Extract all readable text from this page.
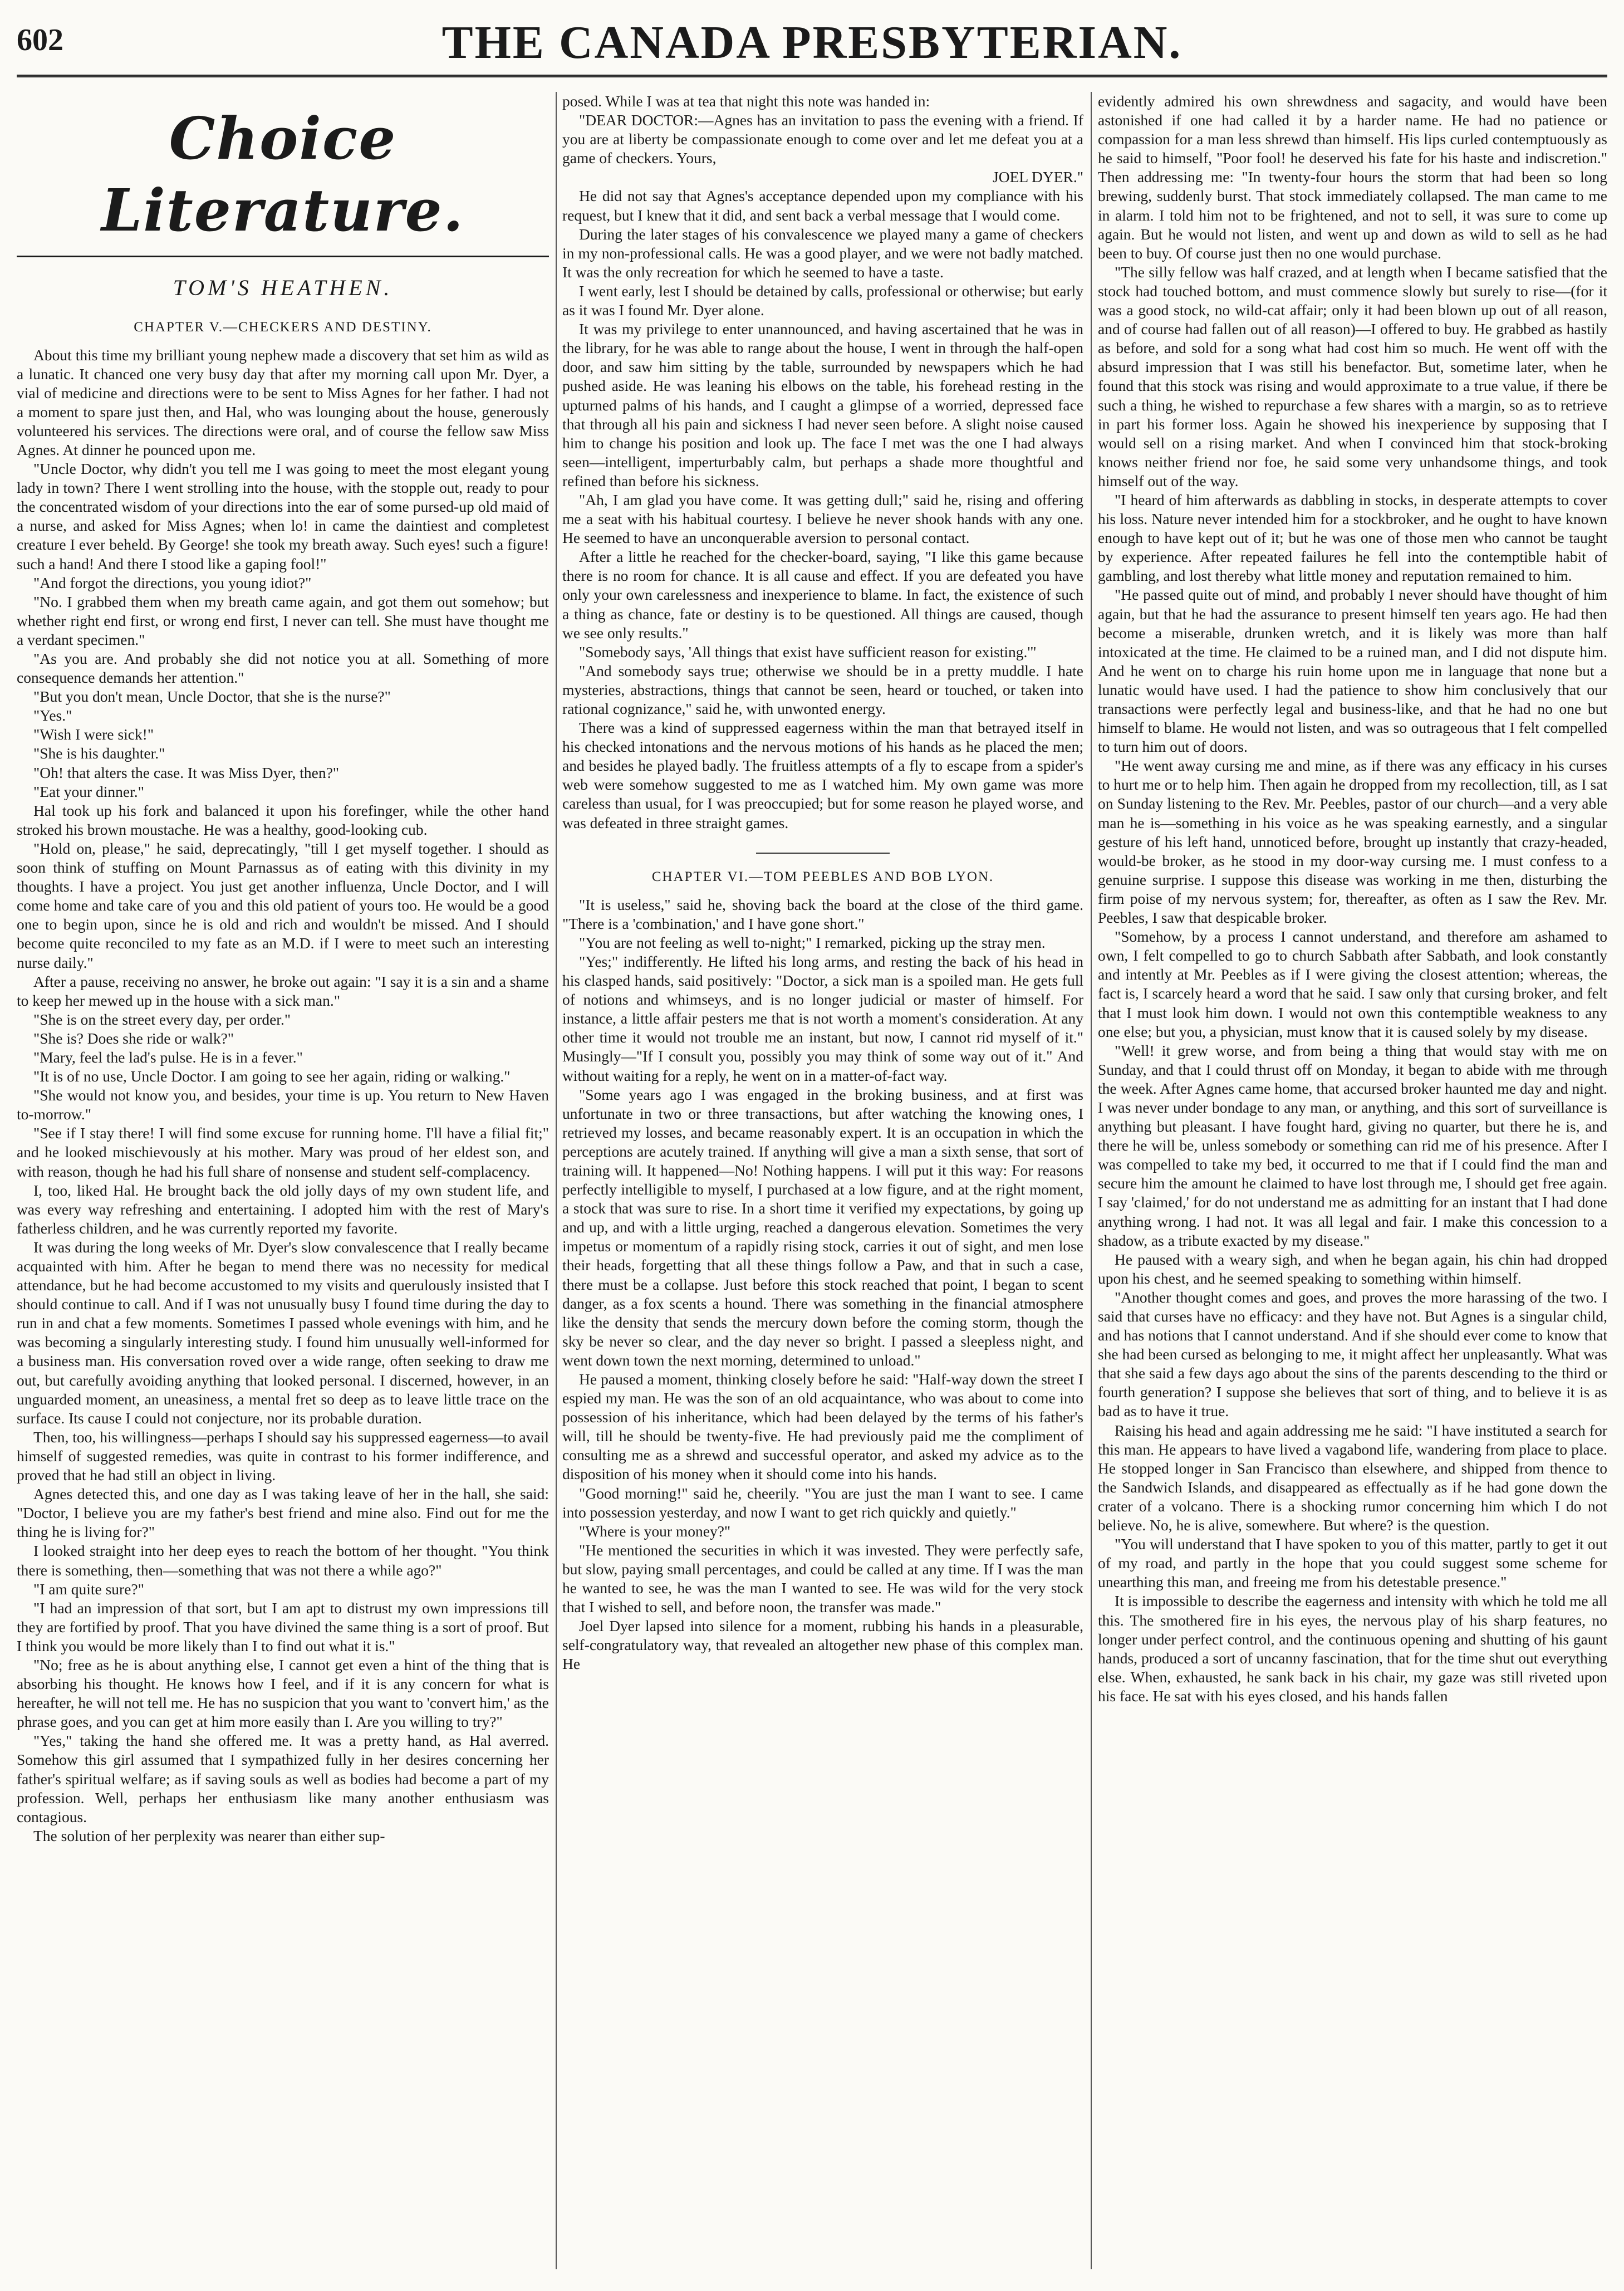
602	THE CANADA PRESBYTERIAN.
Choice Literature.
TOM'S HEATHEN.
CHAPTER V.—CHECKERS AND DESTINY.

About this time my brilliant young nephew made a discovery that set him as wild as a lunatic. It chanced one very busy day that after my morning call upon Mr. Dyer, a vial of medicine and directions were to be sent to Miss Agnes for her father. I had not a moment to spare just then, and Hal, who was lounging about the house, generously volunteered his services. The directions were oral, and of course the fellow saw Miss Agnes. At dinner he pounced upon me.

"Uncle Doctor, why didn't you tell me I was going to meet the most elegant young lady in town? There I went strolling into the house, with the stopple out, ready to pour the concentrated wisdom of your directions into the ear of some pursed-up old maid of a nurse, and asked for Miss Agnes; when lo! in came the daintiest and completest creature I ever beheld. By George! she took my breath away. Such eyes! such a figure! such a hand! And there I stood like a gaping fool!"

"And forgot the directions, you young idiot?"

"No. I grabbed them when my breath came again, and got them out somehow; but whether right end first, or wrong end first, I never can tell. She must have thought me a verdant specimen."

"As you are. And probably she did not notice you at all. Something of more consequence demands her attention."

"But you don't mean, Uncle Doctor, that she is the nurse?"

"Yes."

"Wish I were sick!"

"She is his daughter."

"Oh! that alters the case. It was Miss Dyer, then?"

"Eat your dinner."

Hal took up his fork and balanced it upon his forefinger, while the other hand stroked his brown moustache. He was a healthy, good-looking cub.

"Hold on, please," he said, deprecatingly, "till I get myself together. I should as soon think of stuffing on Mount Parnassus as of eating with this divinity in my thoughts. I have a project. You just get another influenza, Uncle Doctor, and I will come home and take care of you and this old patient of yours too. He would be a good one to begin upon, since he is old and rich and wouldn't be missed. And I should become quite reconciled to my fate as an M.D. if I were to meet such an interesting nurse daily."

After a pause, receiving no answer, he broke out again: "I say it is a sin and a shame to keep her mewed up in the house with a sick man."

"She is on the street every day, per order."

"She is? Does she ride or walk?"

"Mary, feel the lad's pulse. He is in a fever."

"It is of no use, Uncle Doctor. I am going to see her again, riding or walking."

"She would not know you, and besides, your time is up. You return to New Haven to-morrow."

"See if I stay there! I will find some excuse for running home. I'll have a filial fit;" and he looked mischievously at his mother. Mary was proud of her eldest son, and with reason, though he had his full share of nonsense and student self-complacency.

I, too, liked Hal. He brought back the old jolly days of my own student life, and was every way refreshing and entertaining. I adopted him with the rest of Mary's fatherless children, and he was currently reported my favorite.

It was during the long weeks of Mr. Dyer's slow convalescence that I really became acquainted with him. After he began to mend there was no necessity for medical attendance, but he had become accustomed to my visits and querulously insisted that I should continue to call. And if I was not unusually busy I found time during the day to run in and chat a few moments. Sometimes I passed whole evenings with him, and he was becoming a singularly interesting study. I found him unusually well-informed for a business man. His conversation roved over a wide range, often seeking to draw me out, but carefully avoiding anything that looked personal. I discerned, however, in an unguarded moment, an uneasiness, a mental fret so deep as to leave little trace on the surface. Its cause I could not conjecture, nor its probable duration.

Then, too, his willingness—perhaps I should say his suppressed eagerness—to avail himself of suggested remedies, was quite in contrast to his former indifference, and proved that he had still an object in living.

Agnes detected this, and one day as I was taking leave of her in the hall, she said: "Doctor, I believe you are my father's best friend and mine also. Find out for me the thing he is living for?"

I looked straight into her deep eyes to reach the bottom of her thought. "You think there is something, then—something that was not there a while ago?"

"I am quite sure?"

"I had an impression of that sort, but I am apt to distrust my own impressions till they are fortified by proof. That you have divined the same thing is a sort of proof. But I think you would be more likely than I to find out what it is."

"No; free as he is about anything else, I cannot get even a hint of the thing that is absorbing his thought. He knows how I feel, and if it is any concern for what is hereafter, he will not tell me. He has no suspicion that you want to 'convert him,' as the phrase goes, and you can get at him more easily than I. Are you willing to try?"

"Yes," taking the hand she offered me. It was a pretty hand, as Hal averred. Somehow this girl assumed that I sympathized fully in her desires concerning her father's spiritual welfare; as if saving souls as well as bodies had become a part of my profession. Well, perhaps her enthusiasm like many another enthusiasm was contagious.

The solution of her perplexity was nearer than either sup-

posed. While I was at tea that night this note was handed in:

"DEAR DOCTOR:—Agnes has an invitation to pass the evening with a friend. If you are at liberty be compassionate enough to come over and let me defeat you at a game of checkers. Yours,

JOEL DYER."

He did not say that Agnes's acceptance depended upon my compliance with his request, but I knew that it did, and sent back a verbal message that I would come.

During the later stages of his convalescence we played many a game of checkers in my non-professional calls. He was a good player, and we were not badly matched. It was the only recreation for which he seemed to have a taste.

I went early, lest I should be detained by calls, professional or otherwise; but early as it was I found Mr. Dyer alone.

It was my privilege to enter unannounced, and having ascertained that he was in the library, for he was able to range about the house, I went in through the half-open door, and saw him sitting by the table, surrounded by newspapers which he had pushed aside. He was leaning his elbows on the table, his forehead resting in the upturned palms of his hands, and I caught a glimpse of a worried, depressed face that through all his pain and sickness I had never seen before. A slight noise caused him to change his position and look up. The face I met was the one I had always seen—intelligent, imperturbably calm, but perhaps a shade more thoughtful and refined than before his sickness.

"Ah, I am glad you have come. It was getting dull;" said he, rising and offering me a seat with his habitual courtesy. I believe he never shook hands with any one. He seemed to have an unconquerable aversion to personal contact.

After a little he reached for the checker-board, saying, "I like this game because there is no room for chance. It is all cause and effect. If you are defeated you have only your own carelessness and inexperience to blame. In fact, the existence of such a thing as chance, fate or destiny is to be questioned. All things are caused, though we see only results."

"Somebody says, 'All things that exist have sufficient reason for existing.'"

"And somebody says true; otherwise we should be in a pretty muddle. I hate mysteries, abstractions, things that cannot be seen, heard or touched, or taken into rational cognizance," said he, with unwonted energy.

There was a kind of suppressed eagerness within the man that betrayed itself in his checked intonations and the nervous motions of his hands as he placed the men; and besides he played badly. The fruitless attempts of a fly to escape from a spider's web were somehow suggested to me as I watched him. My own game was more careless than usual, for I was preoccupied; but for some reason he played worse, and was defeated in three straight games.

CHAPTER VI.—TOM PEEBLES AND BOB LYON.

"It is useless," said he, shoving back the board at the close of the third game. "There is a 'combination,' and I have gone short."

"You are not feeling as well to-night;" I remarked, picking up the stray men.

"Yes;" indifferently. He lifted his long arms, and resting the back of his head in his clasped hands, said positively: "Doctor, a sick man is a spoiled man. He gets full of notions and whimseys, and is no longer judicial or master of himself. For instance, a little affair pesters me that is not worth a moment's consideration. At any other time it would not trouble me an instant, but now, I cannot rid myself of it." Musingly—"If I consult you, possibly you may think of some way out of it." And without waiting for a reply, he went on in a matter-of-fact way.

"Some years ago I was engaged in the broking business, and at first was unfortunate in two or three transactions, but after watching the knowing ones, I retrieved my losses, and became reasonably expert. It is an occupation in which the perceptions are acutely trained. If anything will give a man a sixth sense, that sort of training will. It happened—No! Nothing happens. I will put it this way: For reasons perfectly intelligible to myself, I purchased at a low figure, and at the right moment, a stock that was sure to rise. In a short time it verified my expectations, by going up and up, and with a little urging, reached a dangerous elevation. Sometimes the very impetus or momentum of a rapidly rising stock, carries it out of sight, and men lose their heads, forgetting that all these things follow a Paw, and that in such a case, there must be a collapse. Just before this stock reached that point, I began to scent danger, as a fox scents a hound. There was something in the financial atmosphere like the density that sends the mercury down before the coming storm, though the sky be never so clear, and the day never so bright. I passed a sleepless night, and went down town the next morning, determined to unload."

He paused a moment, thinking closely before he said: "Half-way down the street I espied my man. He was the son of an old acquaintance, who was about to come into possession of his inheritance, which had been delayed by the terms of his father's will, till he should be twenty-five. He had previously paid me the compliment of consulting me as a shrewd and successful operator, and asked my advice as to the disposition of his money when it should come into his hands.

"Good morning!" said he, cheerily. "You are just the man I want to see. I came into possession yesterday, and now I want to get rich quickly and quietly."

"Where is your money?"

"He mentioned the securities in which it was invested. They were perfectly safe, but slow, paying small percentages, and could be called at any time. If I was the man he wanted to see, he was the man I wanted to see. He was wild for the very stock that I wished to sell, and before noon, the transfer was made."

Joel Dyer lapsed into silence for a moment, rubbing his hands in a pleasurable, self-congratulatory way, that revealed an altogether new phase of this complex man. He

evidently admired his own shrewdness and sagacity, and would have been astonished if one had called it by a harder name. He had no patience or compassion for a man less shrewd than himself. His lips curled contemptuously as he said to himself, "Poor fool! he deserved his fate for his haste and indiscretion." Then addressing me: "In twenty-four hours the storm that had been so long brewing, suddenly burst. That stock immediately collapsed. The man came to me in alarm. I told him not to be frightened, and not to sell, it was sure to come up again. But he would not listen, and went up and down as wild to sell as he had been to buy. Of course just then no one would purchase.

"The silly fellow was half crazed, and at length when I became satisfied that the stock had touched bottom, and must commence slowly but surely to rise—(for it was a good stock, no wild-cat affair; only it had been blown up out of all reason, and of course had fallen out of all reason)—I offered to buy. He grabbed as hastily as before, and sold for a song what had cost him so much. He went off with the absurd impression that I was still his benefactor. But, sometime later, when he found that this stock was rising and would approximate to a true value, if there be such a thing, he wished to repurchase a few shares with a margin, so as to retrieve in part his former loss. Again he showed his inexperience by supposing that I would sell on a rising market. And when I convinced him that stock-broking knows neither friend nor foe, he said some very unhandsome things, and took himself out of the way.

"I heard of him afterwards as dabbling in stocks, in desperate attempts to cover his loss. Nature never intended him for a stockbroker, and he ought to have known enough to have kept out of it; but he was one of those men who cannot be taught by experience. After repeated failures he fell into the contemptible habit of gambling, and lost thereby what little money and reputation remained to him.

"He passed quite out of mind, and probably I never should have thought of him again, but that he had the assurance to present himself ten years ago. He had then become a miserable, drunken wretch, and it is likely was more than half intoxicated at the time. He claimed to be a ruined man, and I did not dispute him. And he went on to charge his ruin home upon me in language that none but a lunatic would have used. I had the patience to show him conclusively that our transactions were perfectly legal and business-like, and that he had no one but himself to blame. He would not listen, and was so outrageous that I felt compelled to turn him out of doors.

"He went away cursing me and mine, as if there was any efficacy in his curses to hurt me or to help him. Then again he dropped from my recollection, till, as I sat on Sunday listening to the Rev. Mr. Peebles, pastor of our church—and a very able man he is—something in his voice as he was speaking earnestly, and a singular gesture of his left hand, unnoticed before, brought up instantly that crazy-headed, would-be broker, as he stood in my door-way cursing me. I must confess to a genuine surprise. I suppose this disease was working in me then, disturbing the firm poise of my nervous system; for, thereafter, as often as I saw the Rev. Mr. Peebles, I saw that despicable broker.

"Somehow, by a process I cannot understand, and therefore am ashamed to own, I felt compelled to go to church Sabbath after Sabbath, and look constantly and intently at Mr. Peebles as if I were giving the closest attention; whereas, the fact is, I scarcely heard a word that he said. I saw only that cursing broker, and felt that I must look him down. I would not own this contemptible weakness to any one else; but you, a physician, must know that it is caused solely by my disease.

"Well! it grew worse, and from being a thing that would stay with me on Sunday, and that I could thrust off on Monday, it began to abide with me through the week. After Agnes came home, that accursed broker haunted me day and night. I was never under bondage to any man, or anything, and this sort of surveillance is anything but pleasant. I have fought hard, giving no quarter, but there he is, and there he will be, unless somebody or something can rid me of his presence. After I was compelled to take my bed, it occurred to me that if I could find the man and secure him the amount he claimed to have lost through me, I should get free again. I say 'claimed,' for do not understand me as admitting for an instant that I had done anything wrong. I had not. It was all legal and fair. I make this concession to a shadow, as a tribute exacted by my disease."

He paused with a weary sigh, and when he began again, his chin had dropped upon his chest, and he seemed speaking to something within himself.

"Another thought comes and goes, and proves the more harassing of the two. I said that curses have no efficacy: and they have not. But Agnes is a singular child, and has notions that I cannot understand. And if she should ever come to know that she had been cursed as belonging to me, it might affect her unpleasantly. What was that she said a few days ago about the sins of the parents descending to the third or fourth generation? I suppose she believes that sort of thing, and to believe it is as bad as to have it true.

Raising his head and again addressing me he said: "I have instituted a search for this man. He appears to have lived a vagabond life, wandering from place to place. He stopped longer in San Francisco than elsewhere, and shipped from thence to the Sandwich Islands, and disappeared as effectually as if he had gone down the crater of a volcano. There is a shocking rumor concerning him which I do not believe. No, he is alive, somewhere. But where? is the question.

"You will understand that I have spoken to you of this matter, partly to get it out of my road, and partly in the hope that you could suggest some scheme for unearthing this man, and freeing me from his detestable presence."

It is impossible to describe the eagerness and intensity with which he told me all this. The smothered fire in his eyes, the nervous play of his sharp features, no longer under perfect control, and the continuous opening and shutting of his gaunt hands, produced a sort of uncanny fascination, that for the time shut out everything else. When, exhausted, he sank back in his chair, my gaze was still riveted upon his face. He sat with his eyes closed, and his hands fallen
